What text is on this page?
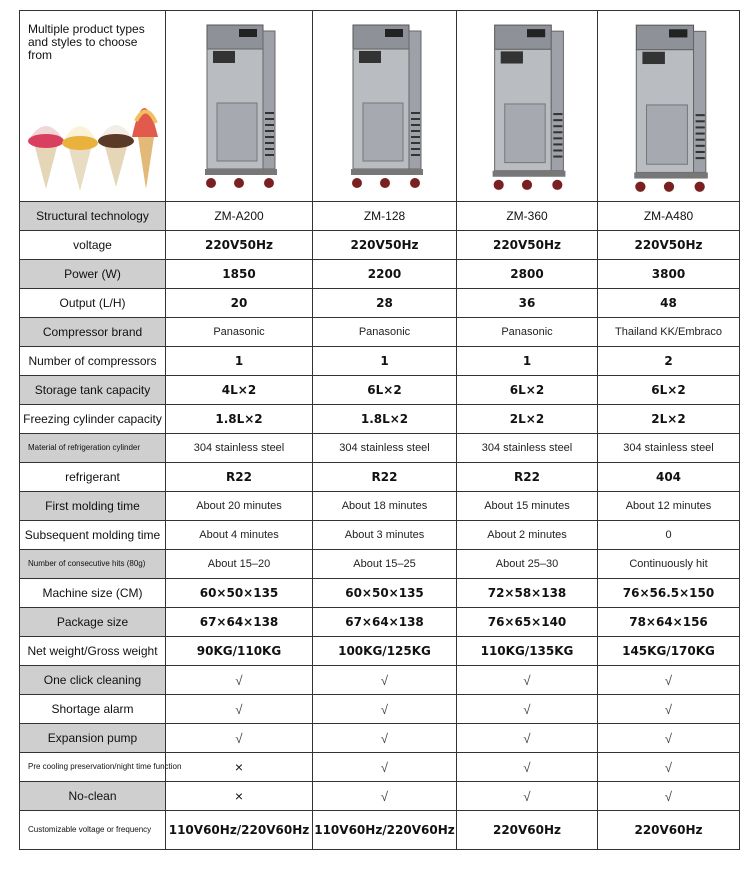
Multiple product types and styles to choose from

Structural technology	ZM-A200	ZM-128	ZM-360	ZM-A480
voltage	220V50Hz	220V50Hz	220V50Hz	220V50Hz
Power (W)	1850	2200	2800	3800
Output (L/H)	20	28	36	48
Compressor brand	Panasonic	Panasonic	Panasonic	Thailand KK/Embraco
Number of compressors	1	1	1	2
Storage tank capacity	4L×2	6L×2	6L×2	6L×2
Freezing cylinder capacity	1.8L×2	1.8L×2	2L×2	2L×2
Material of refrigeration cylinder	304 stainless steel	304 stainless steel	304 stainless steel	304 stainless steel
refrigerant	R22	R22	R22	404
First molding time	About 20 minutes	About 18 minutes	About 15 minutes	About 12 minutes
Subsequent molding time	About 4 minutes	About 3 minutes	About 2 minutes	0
Number of consecutive hits (80g)	About 15–20	About 15–25	About 25–30	Continuously hit
Machine size (CM)	60×50×135	60×50×135	72×58×138	76×56.5×150
Package size	67×64×138	67×64×138	76×65×140	78×64×156
Net weight/Gross weight	90KG/110KG	100KG/125KG	110KG/135KG	145KG/170KG
One click cleaning	√	√	√	√
Shortage alarm	√	√	√	√
Expansion pump	√	√	√	√
Pre cooling preservation/night time function	×	√	√	√
No-clean	×	√	√	√
Customizable voltage or frequency	110V60Hz/220V60Hz	110V60Hz/220V60Hz	220V60Hz	220V60Hz
